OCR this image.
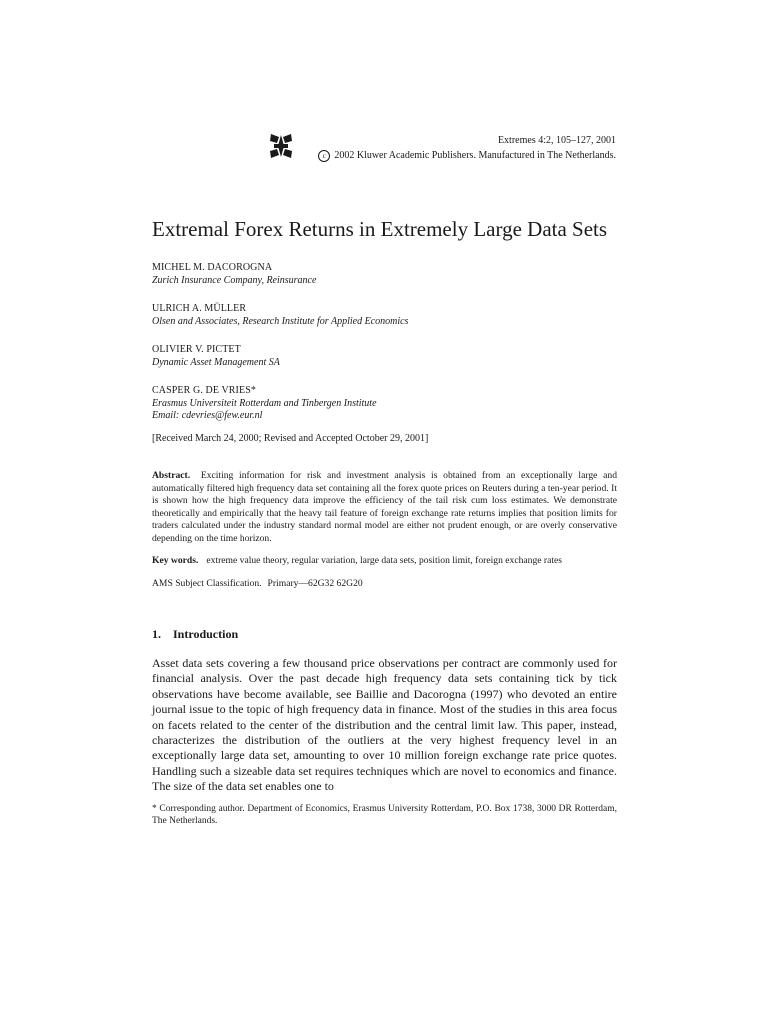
Extremes 4:2, 105–127, 2001
c 2002 Kluwer Academic Publishers. Manufactured in The Netherlands.
Extremal Forex Returns in Extremely Large Data Sets
MICHEL M. DACOROGNA
Zurich Insurance Company, Reinsurance
ULRICH A. MÜLLER
Olsen and Associates, Research Institute for Applied Economics
OLIVIER V. PICTET
Dynamic Asset Management SA
CASPER G. DE VRIES*
Erasmus Universiteit Rotterdam and Tinbergen Institute
Email: cdevries@few.eur.nl
[Received March 24, 2000; Revised and Accepted October 29, 2001]

Abstract. Exciting information for risk and investment analysis is obtained from an exceptionally large and automatically filtered high frequency data set containing all the forex quote prices on Reuters during a ten-year period. It is shown how the high frequency data improve the efficiency of the tail risk cum loss estimates. We demonstrate theoretically and empirically that the heavy tail feature of foreign exchange rate returns implies that position limits for traders calculated under the industry standard normal model are either not prudent enough, or are overly conservative depending on the time horizon.

Key words. extreme value theory, regular variation, large data sets, position limit, foreign exchange rates
AMS Subject Classification. Primary—62G32 62G20
1. Introduction

Asset data sets covering a few thousand price observations per contract are commonly used for financial analysis. Over the past decade high frequency data sets containing tick by tick observations have become available, see Baillie and Dacorogna (1997) who devoted an entire journal issue to the topic of high frequency data in finance. Most of the studies in this area focus on facets related to the center of the distribution and the central limit law. This paper, instead, characterizes the distribution of the outliers at the very highest frequency level in an exceptionally large data set, amounting to over 10 million foreign exchange rate price quotes. Handling such a sizeable data set requires techniques which are novel to economics and finance. The size of the data set enables one to

* Corresponding author. Department of Economics, Erasmus University Rotterdam, P.O. Box 1738, 3000 DR Rotterdam, The Netherlands.
